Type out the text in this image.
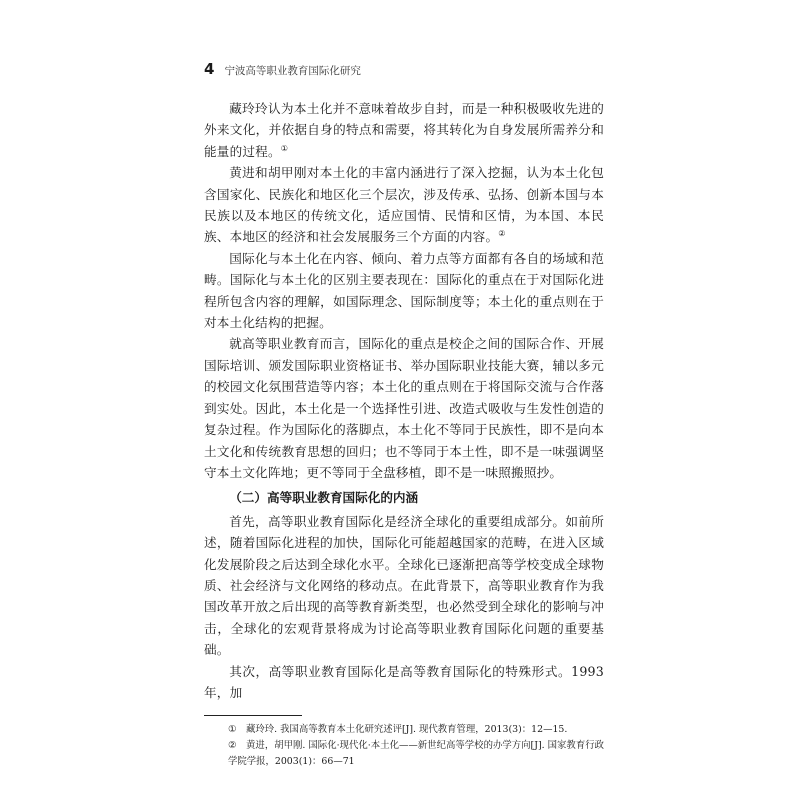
4 宁波高等职业教育国际化研究

藏玲玲认为本土化并不意味着故步自封，而是一种积极吸收先进的外来文化，并依据自身的特点和需要，将其转化为自身发展所需养分和能量的过程。①

黄进和胡甲刚对本土化的丰富内涵进行了深入挖掘，认为本土化包含国家化、民族化和地区化三个层次，涉及传承、弘扬、创新本国与本民族以及本地区的传统文化，适应国情、民情和区情，为本国、本民族、本地区的经济和社会发展服务三个方面的内容。②

国际化与本土化在内容、倾向、着力点等方面都有各自的场域和范畴。国际化与本土化的区别主要表现在：国际化的重点在于对国际化进程所包含内容的理解，如国际理念、国际制度等；本土化的重点则在于对本土化结构的把握。

就高等职业教育而言，国际化的重点是校企之间的国际合作、开展国际培训、颁发国际职业资格证书、举办国际职业技能大赛，辅以多元的校园文化氛围营造等内容；本土化的重点则在于将国际交流与合作落到实处。因此，本土化是一个选择性引进、改造式吸收与生发性创造的复杂过程。作为国际化的落脚点，本土化不等同于民族性，即不是向本土文化和传统教育思想的回归；也不等同于本土性，即不是一味强调坚守本土文化阵地；更不等同于全盘移植，即不是一味照搬照抄。

（二）高等职业教育国际化的内涵

首先，高等职业教育国际化是经济全球化的重要组成部分。如前所述，随着国际化进程的加快，国际化可能超越国家的范畴，在进入区域化发展阶段之后达到全球化水平。全球化已逐渐把高等学校变成全球物质、社会经济与文化网络的移动点。在此背景下，高等职业教育作为我国改革开放之后出现的高等教育新类型，也必然受到全球化的影响与冲击，全球化的宏观背景将成为讨论高等职业教育国际化问题的重要基础。

其次，高等职业教育国际化是高等教育国际化的特殊形式。1993 年，加

① 藏玲玲. 我国高等教育本土化研究述评[J]. 现代教育管理，2013(3)：12—15.

② 黄进，胡甲刚. 国际化·现代化·本土化——新世纪高等学校的办学方向[J]. 国家教育行政学院学报，2003(1)：66—71
